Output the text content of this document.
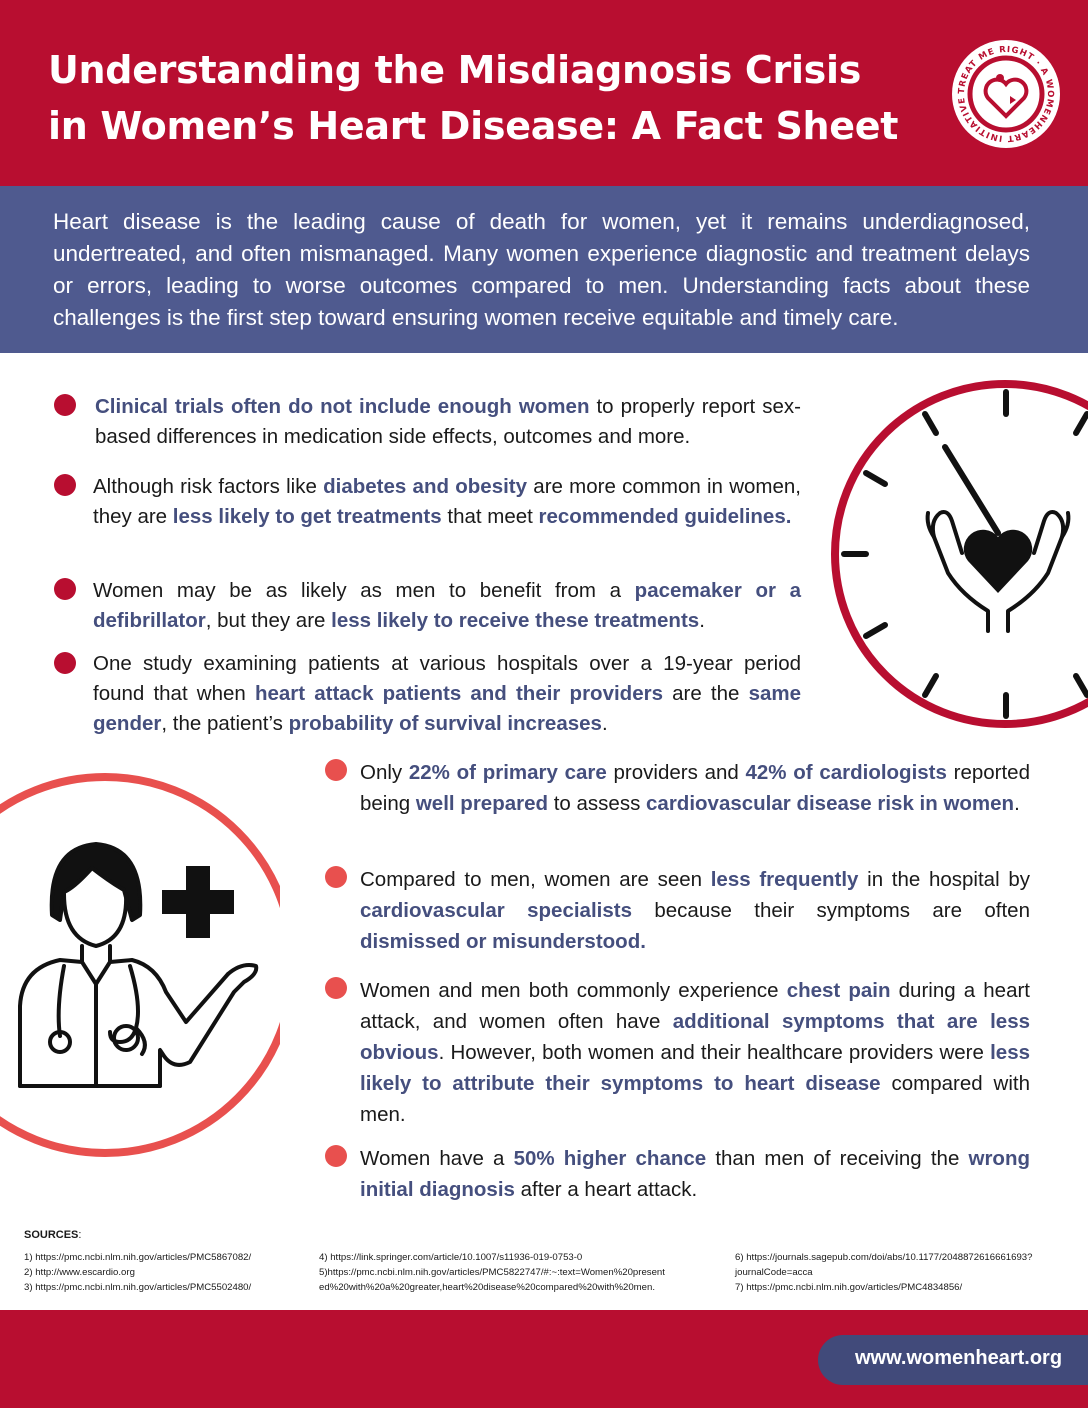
Understanding the Misdiagnosis Crisis
in Women’s Heart Disease: A Fact Sheet
TREAT ME RIGHT · A WOMENHEART INITIATIVE

Heart disease is the leading cause of death for women, yet it remains underdiagnosed, undertreated, and often mismanaged. Many women experience diagnostic and treatment delays or errors, leading to worse outcomes compared to men. Understanding facts about these challenges is the first step toward ensuring women receive equitable and timely care.

Clinical trials often do not include enough women to properly report sex-based differences in medication side effects, outcomes and more.

Although risk factors like diabetes and obesity are more common in women, they are less likely to get treatments that meet recommended guidelines.

Women may be as likely as men to benefit from a pacemaker or a defibrillator, but they are less likely to receive these treatments.

One study examining patients at various hospitals over a 19-year period found that when heart attack patients and their providers are the same gender, the patient’s probability of survival increases.

Only 22% of primary care providers and 42% of cardiologists reported being well prepared to assess cardiovascular disease risk in women.

Compared to men, women are seen less frequently in the hospital by cardiovascular specialists because their symptoms are often dismissed or misunderstood.

Women and men both commonly experience chest pain during a heart attack, and women often have additional symptoms that are less obvious. However, both women and their healthcare providers were less likely to attribute their symptoms to heart disease compared with men.

Women have a 50% higher chance than men of receiving the wrong initial diagnosis after a heart attack.

SOURCES:
1) https://pmc.ncbi.nlm.nih.gov/articles/PMC5867082/
2) http://www.escardio.org
3) https://pmc.ncbi.nlm.nih.gov/articles/PMC5502480/
4) https://link.springer.com/article/10.1007/s11936-019-0753-0
5)https://pmc.ncbi.nlm.nih.gov/articles/PMC5822747/#:~:text=Women%20present
ed%20with%20a%20greater,heart%20disease%20compared%20with%20men.
6) https://journals.sagepub.com/doi/abs/10.1177/2048872616661693?
journalCode=acca
7) https://pmc.ncbi.nlm.nih.gov/articles/PMC4834856/
www.womenheart.org
